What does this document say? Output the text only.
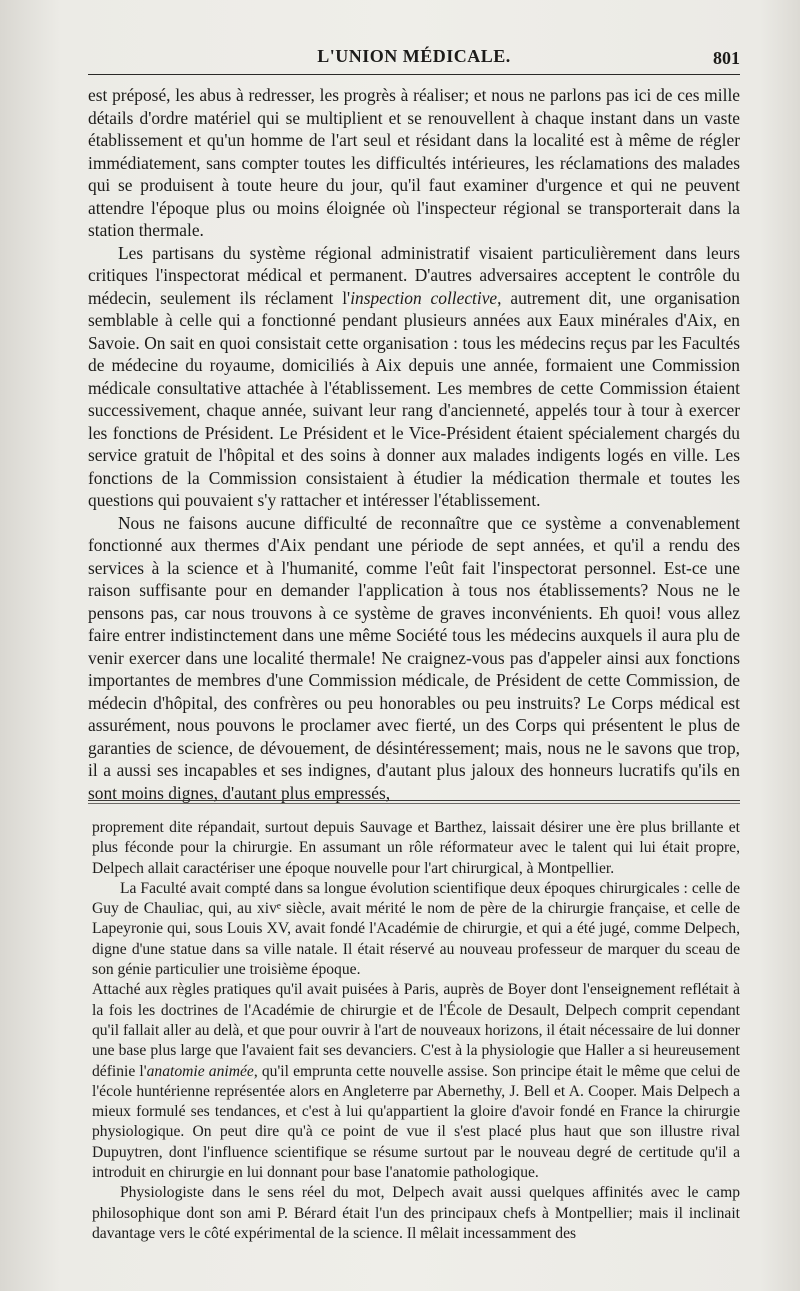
L'UNION MÉDICALE.	801

est préposé, les abus à redresser, les progrès à réaliser; et nous ne parlons pas ici de ces mille détails d'ordre matériel qui se multiplient et se renouvellent à chaque instant dans un vaste établissement et qu'un homme de l'art seul et résidant dans la localité est à même de régler immédiatement, sans compter toutes les difficultés intérieures, les réclamations des malades qui se produisent à toute heure du jour, qu'il faut examiner d'urgence et qui ne peuvent attendre l'époque plus ou moins éloignée où l'inspecteur régional se transporterait dans la station thermale.

Les partisans du système régional administratif visaient particulièrement dans leurs critiques l'inspectorat médical et permanent. D'autres adversaires acceptent le contrôle du médecin, seulement ils réclament l'inspection collective, autrement dit, une organisation semblable à celle qui a fonctionné pendant plusieurs années aux Eaux minérales d'Aix, en Savoie. On sait en quoi consistait cette organisation : tous les médecins reçus par les Facultés de médecine du royaume, domiciliés à Aix depuis une année, formaient une Commission médicale consultative attachée à l'établissement. Les membres de cette Commission étaient successivement, chaque année, suivant leur rang d'ancienneté, appelés tour à tour à exercer les fonctions de Président. Le Président et le Vice-Président étaient spécialement chargés du service gratuit de l'hôpital et des soins à donner aux malades indigents logés en ville. Les fonctions de la Commission consistaient à étudier la médication thermale et toutes les questions qui pouvaient s'y rattacher et intéresser l'établissement.

Nous ne faisons aucune difficulté de reconnaître que ce système a convenablement fonctionné aux thermes d'Aix pendant une période de sept années, et qu'il a rendu des services à la science et à l'humanité, comme l'eût fait l'inspectorat personnel. Est-ce une raison suffisante pour en demander l'application à tous nos établissements? Nous ne le pensons pas, car nous trouvons à ce système de graves inconvénients. Eh quoi! vous allez faire entrer indistinctement dans une même Société tous les médecins auxquels il aura plu de venir exercer dans une localité thermale! Ne craignez-vous pas d'appeler ainsi aux fonctions importantes de membres d'une Commission médicale, de Président de cette Commission, de médecin d'hôpital, des confrères ou peu honorables ou peu instruits? Le Corps médical est assurément, nous pouvons le proclamer avec fierté, un des Corps qui présentent le plus de garanties de science, de dévouement, de désintéressement; mais, nous ne le savons que trop, il a aussi ses incapables et ses indignes, d'autant plus jaloux des honneurs lucratifs qu'ils en sont moins dignes, d'autant plus empressés,

proprement dite répandait, surtout depuis Sauvage et Barthez, laissait désirer une ère plus brillante et plus féconde pour la chirurgie. En assumant un rôle réformateur avec le talent qui lui était propre, Delpech allait caractériser une époque nouvelle pour l'art chirurgical, à Montpellier.

La Faculté avait compté dans sa longue évolution scientifique deux époques chirurgicales : celle de Guy de Chauliac, qui, au xivᵉ siècle, avait mérité le nom de père de la chirurgie française, et celle de Lapeyronie qui, sous Louis XV, avait fondé l'Académie de chirurgie, et qui a été jugé, comme Delpech, digne d'une statue dans sa ville natale. Il était réservé au nouveau professeur de marquer du sceau de son génie particulier une troisième époque.

Attaché aux règles pratiques qu'il avait puisées à Paris, auprès de Boyer dont l'enseignement reflétait à la fois les doctrines de l'Académie de chirurgie et de l'École de Desault, Delpech comprit cependant qu'il fallait aller au delà, et que pour ouvrir à l'art de nouveaux horizons, il était nécessaire de lui donner une base plus large que l'avaient fait ses devanciers. C'est à la physiologie que Haller a si heureusement définie l'anatomie animée, qu'il emprunta cette nouvelle assise. Son principe était le même que celui de l'école huntérienne représentée alors en Angleterre par Abernethy, J. Bell et A. Cooper. Mais Delpech a mieux formulé ses tendances, et c'est à lui qu'appartient la gloire d'avoir fondé en France la chirurgie physiologique. On peut dire qu'à ce point de vue il s'est placé plus haut que son illustre rival Dupuytren, dont l'influence scientifique se résume surtout par le nouveau degré de certitude qu'il a introduit en chirurgie en lui donnant pour base l'anatomie pathologique.

Physiologiste dans le sens réel du mot, Delpech avait aussi quelques affinités avec le camp philosophique dont son ami P. Bérard était l'un des principaux chefs à Montpellier; mais il inclinait davantage vers le côté expérimental de la science. Il mêlait incessamment des
